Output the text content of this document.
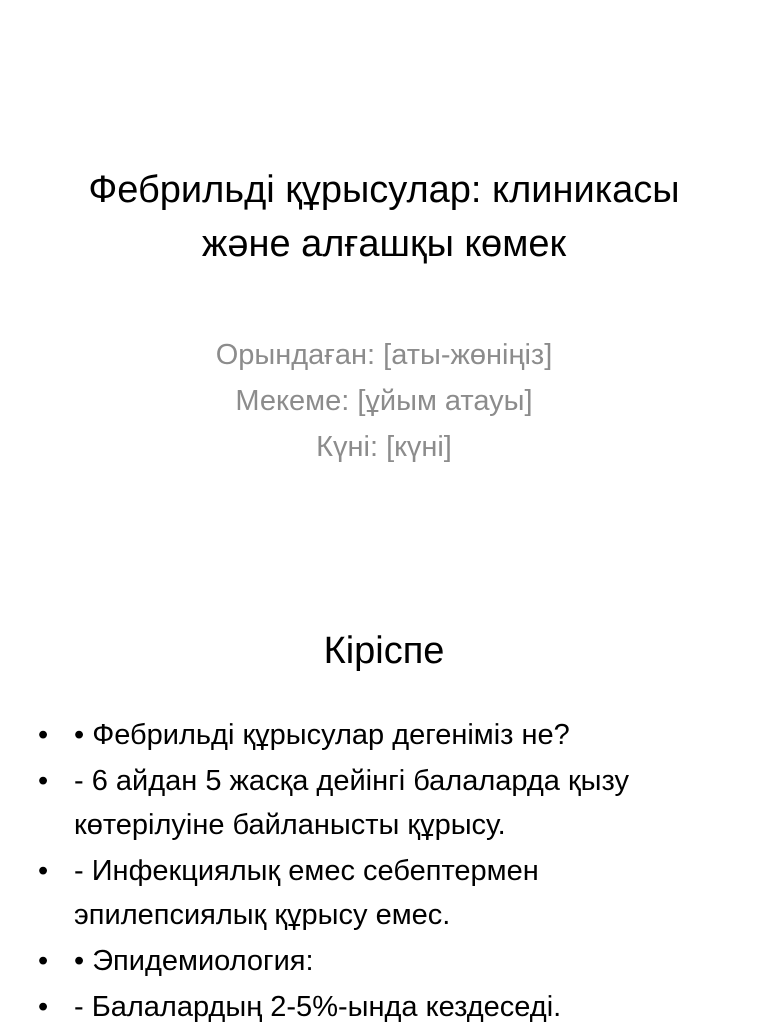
Фебрильді құрысулар: клиникасы және алғашқы көмек
Орындаған: [аты-жөніңіз]
Мекеме: [ұйым атауы]
Күні: [күні]
Кіріспе
• • Фебрильді құрысулар дегеніміз не?
• - 6 айдан 5 жасқа дейінгі балаларда қызу көтерілуіне байланысты құрысу.
• - Инфекциялық емес себептермен эпилепсиялық құрысу емес.
• • Эпидемиология:
• - Балалардың 2-5%-ында кездеседі.
